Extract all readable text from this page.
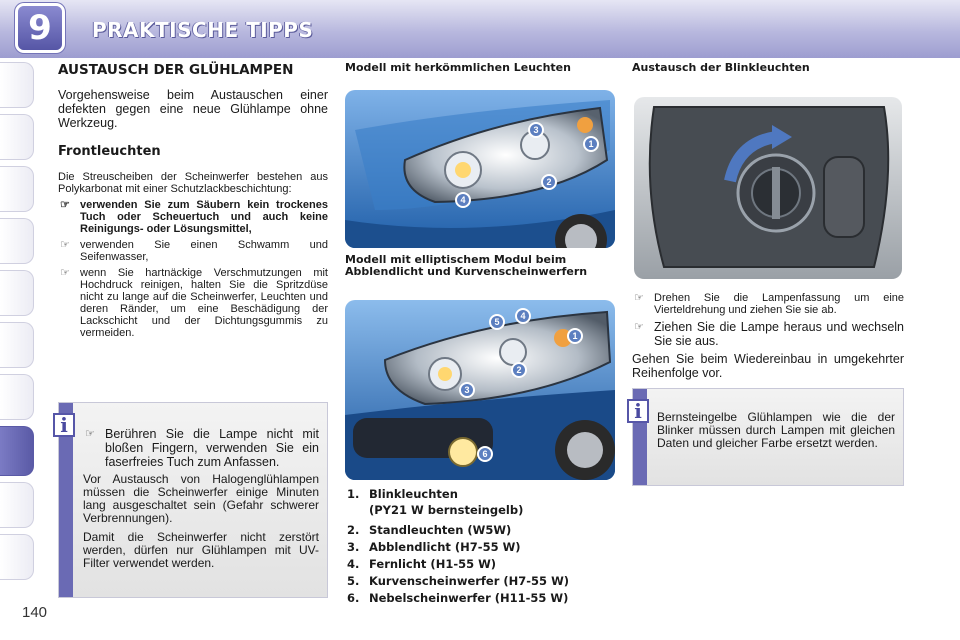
9	PRAKTISCHE TIPPS
140
AUSTAUSCH DER GLÜHLAMPEN

Vorgehensweise beim Austauschen einer defekten gegen eine neue Glühlampe ohne Werkzeug.

Frontleuchten

Die Streuscheiben der Scheinwerfer bestehen aus Polykarbonat mit einer Schutzlackbeschichtung:

☞ verwenden Sie zum Säubern kein trockenes Tuch oder Scheuertuch und auch keine Reinigungs- oder Lösungsmittel,
☞ verwenden Sie einen Schwamm und Seifenwasser,
☞ wenn Sie hartnäckige Verschmutzungen mit Hochdruck reinigen, halten Sie die Spritzdüse nicht zu lange auf die Scheinwerfer, Leuchten und deren Ränder, um eine Beschädigung der Lackschicht und der Dichtungsgummis zu vermeiden.
i	☞ Berühren Sie die Lampe nicht mit bloßen Fingern, verwenden Sie ein faserfreies Tuch zum Anfassen.

Vor Austausch von Halogenglühlampen müssen die Scheinwerfer einige Minuten lang ausgeschaltet sein (Gefahr schwerer Verbrennungen).

Damit die Scheinwerfer nicht zerstört werden, dürfen nur Glühlampen mit UV-Filter verwendet werden.

Modell mit herkömmlichen Leuchten
Modell mit elliptischem Modul beim Abblendlicht und Kurvenscheinwerfern
1. Blinkleuchten
(PY21 W bernsteingelb)
2. Standleuchten (W5W)
3. Abblendlicht (H7-55 W)
4. Fernlicht (H1-55 W)
5. Kurvenscheinwerfer (H7-55 W)
6. Nebelscheinwerfer (H11-55 W)
Austausch der Blinkleuchten
☞ Drehen Sie die Lampenfassung um eine Vierteldrehung und ziehen Sie sie ab.
☞ Ziehen Sie die Lampe heraus und wechseln Sie sie aus.

Gehen Sie beim Wiedereinbau in umgekehrter Reihenfolge vor.

i	Bernsteingelbe Glühlampen wie die der Blinker müssen durch Lampen mit gleichen Daten und gleicher Farbe ersetzt werden.

1
2
3
4
1
2
3
4
5
6
